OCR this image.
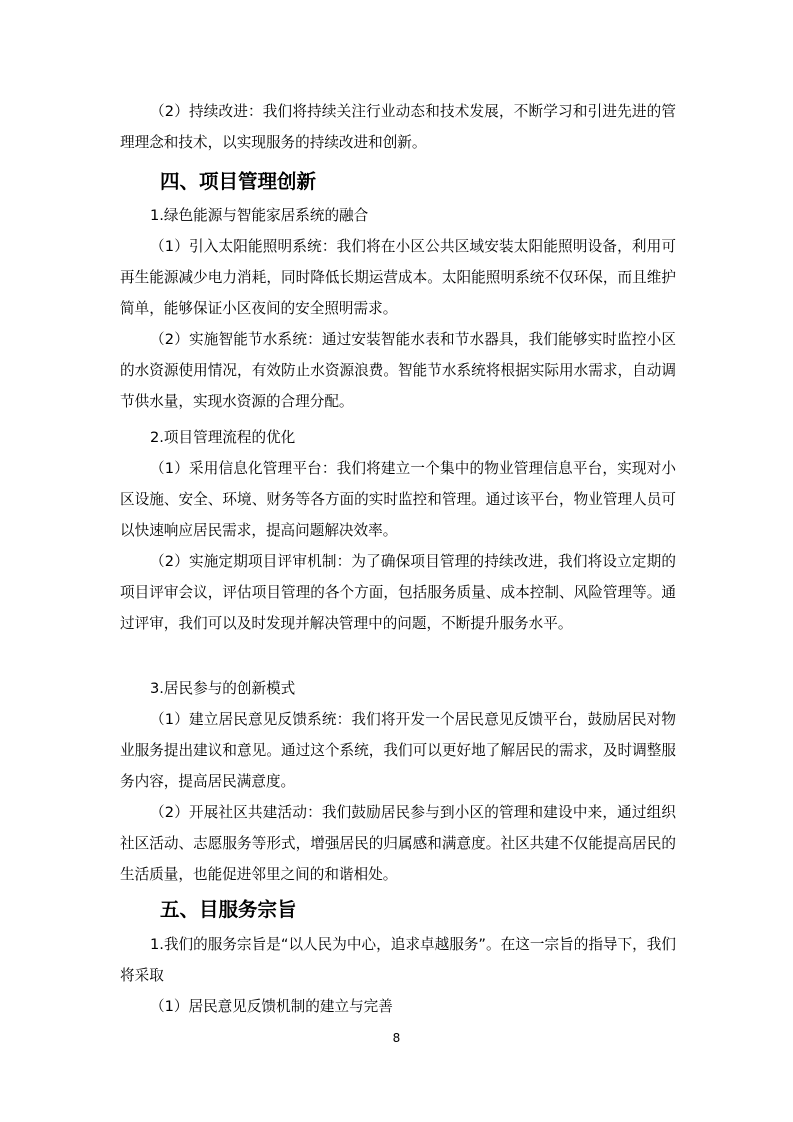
（2）持续改进：我们将持续关注行业动态和技术发展，不断学习和引进先进的管理理念和技术，以实现服务的持续改进和创新。

四、项目管理创新

1.绿色能源与智能家居系统的融合

（1）引入太阳能照明系统：我们将在小区公共区域安装太阳能照明设备，利用可再生能源减少电力消耗，同时降低长期运营成本。太阳能照明系统不仅环保，而且维护简单，能够保证小区夜间的安全照明需求。

（2）实施智能节水系统：通过安装智能水表和节水器具，我们能够实时监控小区的水资源使用情况，有效防止水资源浪费。智能节水系统将根据实际用水需求，自动调节供水量，实现水资源的合理分配。

2.项目管理流程的优化

（1）采用信息化管理平台：我们将建立一个集中的物业管理信息平台，实现对小区设施、安全、环境、财务等各方面的实时监控和管理。通过该平台，物业管理人员可以快速响应居民需求，提高问题解决效率。

（2）实施定期项目评审机制：为了确保项目管理的持续改进，我们将设立定期的项目评审会议，评估项目管理的各个方面，包括服务质量、成本控制、风险管理等。通过评审，我们可以及时发现并解决管理中的问题，不断提升服务水平。

3.居民参与的创新模式

（1）建立居民意见反馈系统：我们将开发一个居民意见反馈平台，鼓励居民对物业服务提出建议和意见。通过这个系统，我们可以更好地了解居民的需求，及时调整服务内容，提高居民满意度。

（2）开展社区共建活动：我们鼓励居民参与到小区的管理和建设中来，通过组织社区活动、志愿服务等形式，增强居民的归属感和满意度。社区共建不仅能提高居民的生活质量，也能促进邻里之间的和谐相处。

五、目服务宗旨

1.我们的服务宗旨是“以人民为中心，追求卓越服务”。在这一宗旨的指导下，我们将采取

（1）居民意见反馈机制的建立与完善

8
